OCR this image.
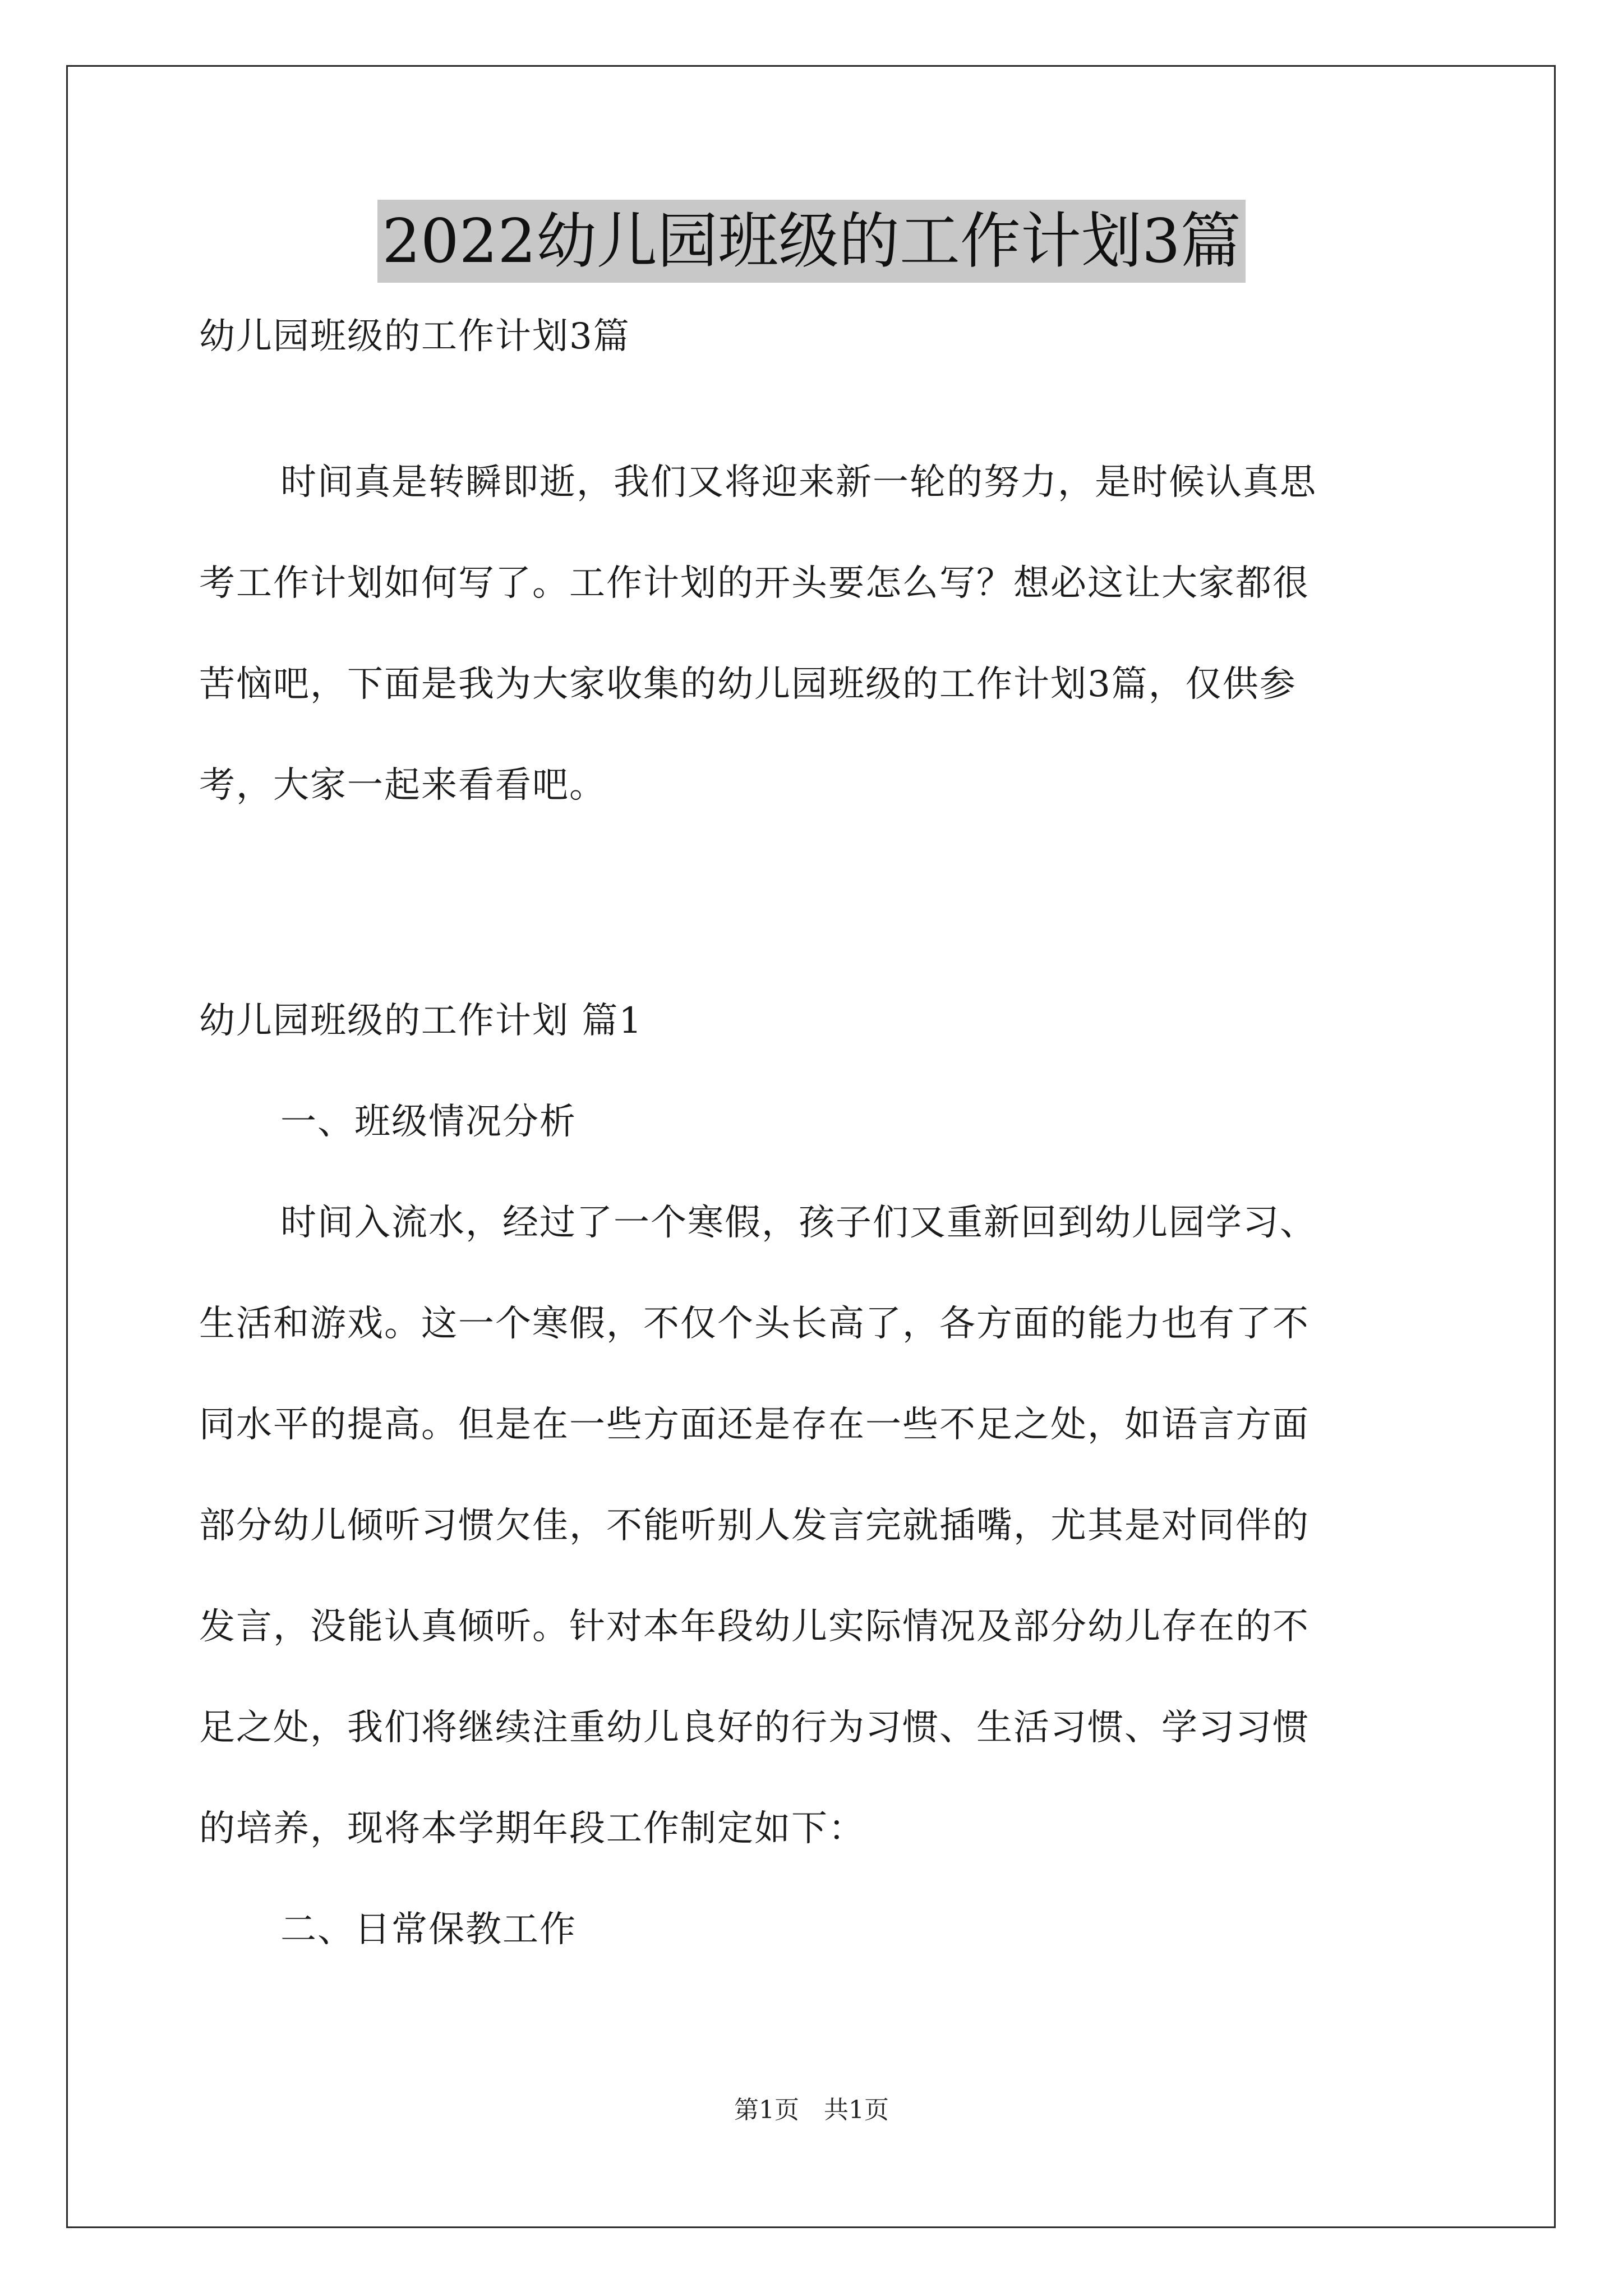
2022幼儿园班级的工作计划3篇
幼儿园班级的工作计划3篇
时间真是转瞬即逝，我们又将迎来新一轮的努力，是时候认真思
考工作计划如何写了。工作计划的开头要怎么写？想必这让大家都很
苦恼吧，下面是我为大家收集的幼儿园班级的工作计划3篇，仅供参
考，大家一起来看看吧。
幼儿园班级的工作计划 篇1
一、班级情况分析
时间入流水，经过了一个寒假，孩子们又重新回到幼儿园学习、
生活和游戏。这一个寒假，不仅个头长高了，各方面的能力也有了不
同水平的提高。但是在一些方面还是存在一些不足之处，如语言方面
部分幼儿倾听习惯欠佳，不能听别人发言完就插嘴，尤其是对同伴的
发言，没能认真倾听。针对本年段幼儿实际情况及部分幼儿存在的不
足之处，我们将继续注重幼儿良好的行为习惯、生活习惯、学习习惯
的培养，现将本学期年段工作制定如下：
二、日常保教工作
第1页　共1页
